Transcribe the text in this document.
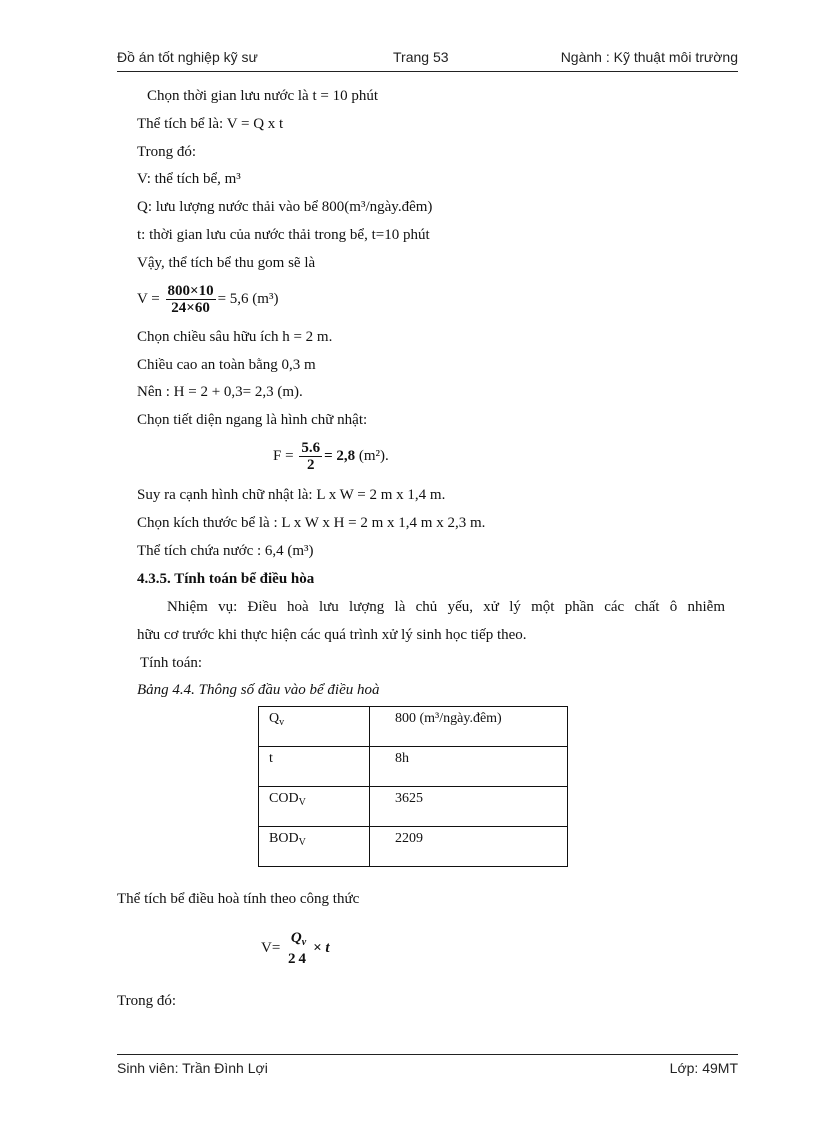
Đồ án tốt nghiệp kỹ sư	Trang 53	Ngành : Kỹ thuật môi trường
Chọn thời gian lưu nước là t = 10 phút
Thể tích bể là: V = Q x t
Trong đó:
V: thể tích bể, m³
Q: lưu lượng nước thải vào bể 800(m³/ngày.đêm)
t: thời gian lưu của nước thải trong bể, t=10 phút
Vậy, thể tích bể thu gom sẽ là
$V = \frac{800\times 10}{24\times 60} = 5,6$ (m³)
Chọn chiều sâu hữu ích h = 2 m.
Chiều cao an toàn bằng 0,3 m
Nên : H = 2 + 0,3= 2,3 (m).
Chọn tiết diện ngang là hình chữ nhật:
$F = \frac{5.6}{2} = 2,8$ (m²).
Suy ra cạnh hình chữ nhật là: L x W = 2 m x 1,4 m.
Chọn kích thước bể là : L x W x H = 2 m x 1,4 m x 2,3 m.
Thể tích chứa nước : 6,4 (m³)
4.3.5. Tính toán bể điều hòa
Nhiệm vụ: Điều hoà lưu lượng là chủ yếu, xử lý một phần các chất ô nhiễm
hữu cơ trước khi thực hiện các quá trình xử lý sinh học tiếp theo.
Tính toán:
Bảng 4.4. Thông số đầu vào bể điều hoà
$Q_v$	800 (m³/ngày.đêm)
t	8h
$COD_V$	3625
$BOD_V$	2209
Thể tích bể điều hoà tính theo công thức
V=
$Q_v$
24
× t
Trong đó:
Sinh viên: Trần Đình Lợi	Lớp: 49MT
